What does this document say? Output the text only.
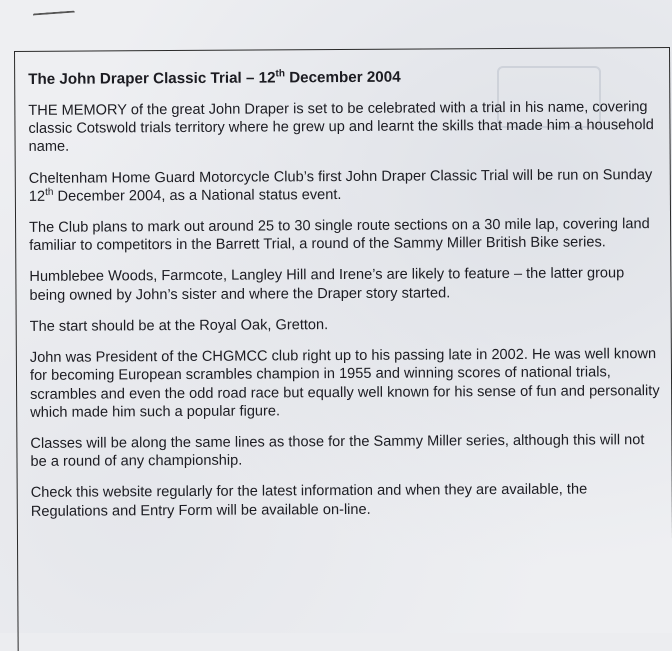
The John Draper Classic Trial – 12th December 2004

THE MEMORY of the great John Draper is set to be celebrated with a trial in his name, covering classic Cotswold trials territory where he grew up and learnt the skills that made him a household name.

Cheltenham Home Guard Motorcycle Club’s first John Draper Classic Trial will be run on Sunday 12th December 2004, as a National status event.

The Club plans to mark out around 25 to 30 single route sections on a 30 mile lap, covering land familiar to competitors in the Barrett Trial, a round of the Sammy Miller British Bike series.

Humblebee Woods, Farmcote, Langley Hill and Irene’s are likely to feature – the latter group being owned by John’s sister and where the Draper story started.

The start should be at the Royal Oak, Gretton.

John was President of the CHGMCC club right up to his passing late in 2002. He was well known for becoming European scrambles champion in 1955 and winning scores of national trials, scrambles and even the odd road race but equally well known for his sense of fun and personality which made him such a popular figure.

Classes will be along the same lines as those for the Sammy Miller series, although this will not be a round of any championship.

Check this website regularly for the latest information and when they are available, the Regulations and Entry Form will be available on-line.
